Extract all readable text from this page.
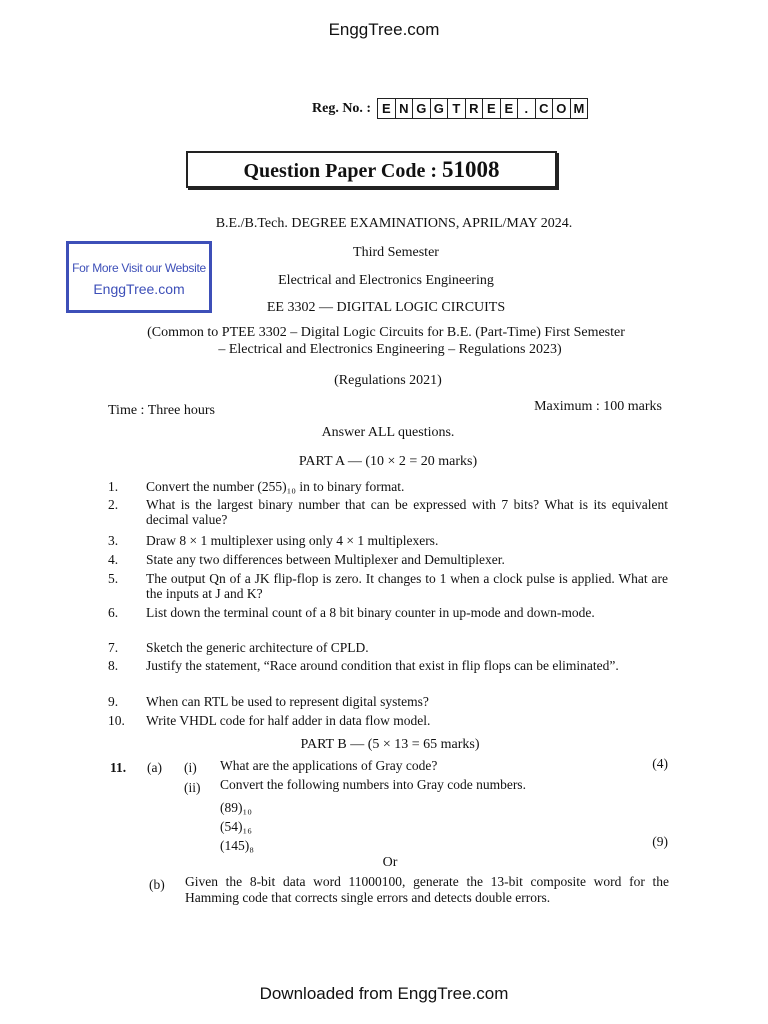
EnggTree.com
Reg. No. : E N G G T R E E . C O M
Question Paper Code : 51008
For More Visit our Website
EnggTree.com
B.E./B.Tech. DEGREE EXAMINATIONS, APRIL/MAY 2024.
Third Semester
Electrical and Electronics Engineering
EE 3302 — DIGITAL LOGIC CIRCUITS
(Common to PTEE 3302 – Digital Logic Circuits for B.E. (Part-Time) First Semester
– Electrical and Electronics Engineering – Regulations 2023)
(Regulations 2021)
Time : Three hours	Maximum : 100 marks
Answer ALL questions.
PART A — (10 × 2 = 20 marks)
1.	Convert the number (255)₁₀ in to binary format.
2.	What is the largest binary number that can be expressed with 7 bits? What is its equivalent decimal value?
3.	Draw 8 × 1 multiplexer using only 4 × 1 multiplexers.
4.	State any two differences between Multiplexer and Demultiplexer.
5.	The output Qn of a JK flip-flop is zero. It changes to 1 when a clock pulse is applied. What are the inputs at J and K?
6.	List down the terminal count of a 8 bit binary counter in up-mode and down-mode.
7.	Sketch the generic architecture of CPLD.
8.	Justify the statement, “Race around condition that exist in flip flops can be eliminated”.
9.	When can RTL be used to represent digital systems?
10.	Write VHDL code for half adder in data flow model.
PART B — (5 × 13 = 65 marks)
11. (a) (i) What are the applications of Gray code?	(4)
(ii) Convert the following numbers into Gray code numbers.
(89)₁₀
(54)₁₆
(145)₈	(9)
Or
(b) Given the 8-bit data word 11000100, generate the 13-bit composite word for the Hamming code that corrects single errors and detects double errors.
Downloaded from EnggTree.com
